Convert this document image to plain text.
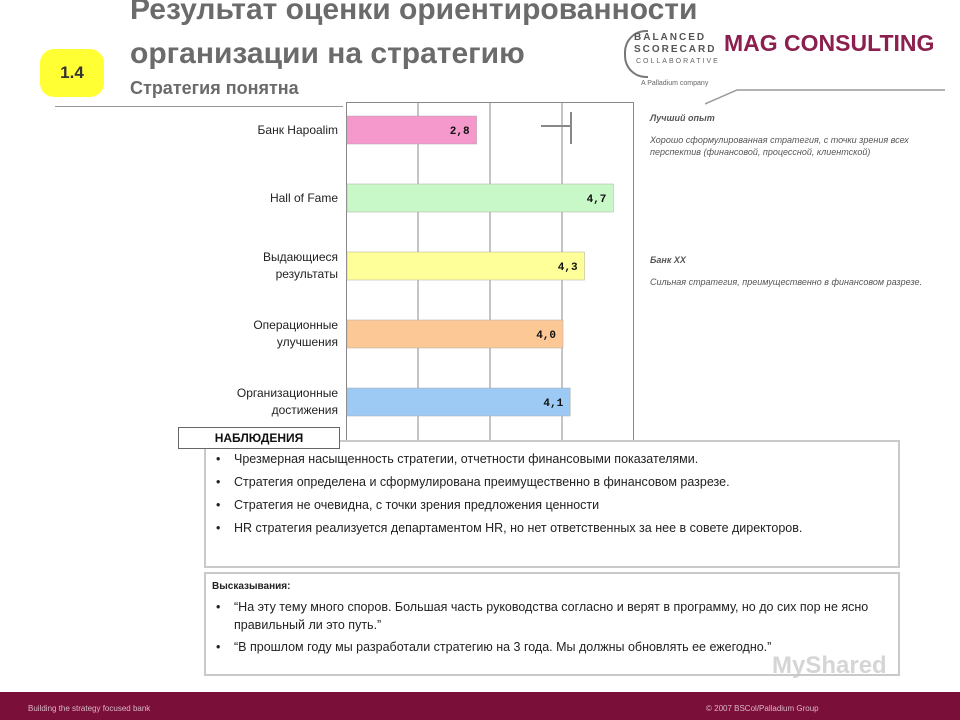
Результат оценки ориентированности
организации на стратегию
Стратегия понятна
1.4
BALANCED
SCORECARD
COLLABORATIVE
A Palladium company
MAG CONSULTING
Банк Hapoalim
Hall of Fame
Выдающиеся
результаты
Операционные
улучшения
Организационные
достижения
2,8
4,7
4,3
4,0
4,1
Лучший опыт
Хорошо сформулированная стратегия, с точки зрения всех перспектив (финансовой, процессной, клиентской)
Банк ХХ
Сильная стратегия, преимущественно в финансовом разрезе.
НАБЛЮДЕНИЯ
• Чрезмерная насыщенность стратегии, отчетности финансовыми показателями.
• Стратегия определена и сформулирована преимущественно в финансовом разрезе.
• Стратегия не очевидна, с точки зрения предложения ценности
• HR стратегия реализуется департаментом HR, но нет ответственных за нее в совете директоров.
Высказывания:
• “На эту тему много споров. Большая часть руководства согласно и верят в программу, но до сих пор не ясно правильный ли это путь.”
• “В прошлом году мы разработали стратегию на 3 года. Мы должны обновлять ее ежегодно.”
MyShared
Building the strategy focused bank	© 2007 BSCol/Palladium Group
